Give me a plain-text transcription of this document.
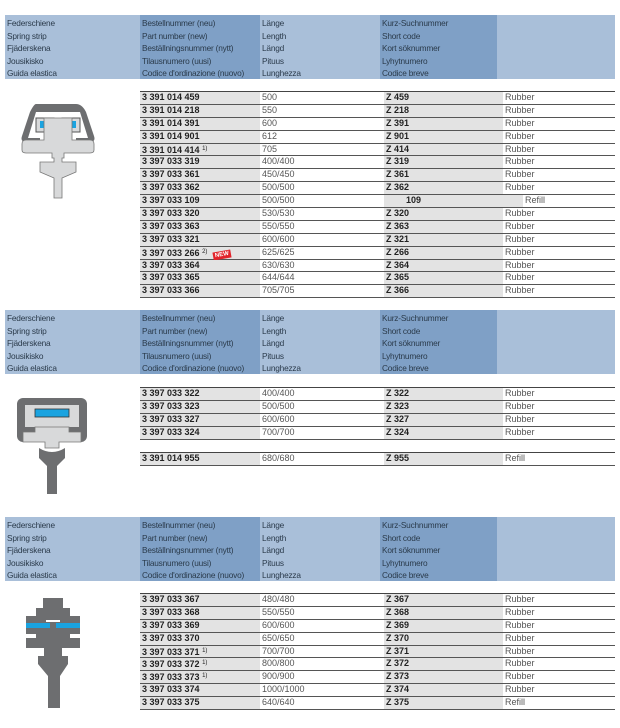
Federschiene
Spring strip
Fjäderskena
Jousikisko
Guida elastica
Bestellnummer (neu)
Part number (new)
Beställningsnummer (nytt)
Tilausnumero (uusi)
Codice d'ordinazione (nuovo)
Länge
Length
Längd
Pituus
Lunghezza
Kurz-Suchnummer
Short code
Kort söknummer
Lyhytnumero
Codice breve
Federschiene
Spring strip
Fjäderskena
Jousikisko
Guida elastica
Bestellnummer (neu)
Part number (new)
Beställningsnummer (nytt)
Tilausnumero (uusi)
Codice d'ordinazione (nuovo)
Länge
Length
Längd
Pituus
Lunghezza
Kurz-Suchnummer
Short code
Kort söknummer
Lyhytnumero
Codice breve
Federschiene
Spring strip
Fjäderskena
Jousikisko
Guida elastica
Bestellnummer (neu)
Part number (new)
Beställningsnummer (nytt)
Tilausnumero (uusi)
Codice d'ordinazione (nuovo)
Länge
Length
Längd
Pituus
Lunghezza
Kurz-Suchnummer
Short code
Kort söknummer
Lyhytnumero
Codice breve
3 391 014 459	500	Z 459	Rubber
3 391 014 218	550	Z 218	Rubber
3 391 014 391	600	Z 391	Rubber
3 391 014 901	612	Z 901	Rubber
3 391 014 414 $^{1)}$	705	Z 414	Rubber
3 397 033 319	400/400	Z 319	Rubber
3 397 033 361	450/450	Z 361	Rubber
3 397 033 362	500/500	Z 362	Rubber
3 397 033 109	500/500	109	Refill
3 397 033 320	530/530	Z 320	Rubber
3 397 033 363	550/550	Z 363	Rubber
3 397 033 321	600/600	Z 321	Rubber
3 397 033 266 $^{2)}$ NEW	625/625	Z 266	Rubber
3 397 033 364	630/630	Z 364	Rubber
3 397 033 365	644/644	Z 365	Rubber
3 397 033 366	705/705	Z 366	Rubber
3 397 033 322	400/400	Z 322	Rubber
3 397 033 323	500/500	Z 323	Rubber
3 397 033 327	600/600	Z 327	Rubber
3 397 033 324	700/700	Z 324	Rubber
3 391 014 955	680/680	Z 955	Refill
3 397 033 367	480/480	Z 367	Rubber
3 397 033 368	550/550	Z 368	Rubber
3 397 033 369	600/600	Z 369	Rubber
3 397 033 370	650/650	Z 370	Rubber
3 397 033 371 $^{1)}$	700/700	Z 371	Rubber
3 397 033 372 $^{1)}$	800/800	Z 372	Rubber
3 397 033 373 $^{1)}$	900/900	Z 373	Rubber
3 397 033 374	1000/1000	Z 374	Rubber
3 397 033 375	640/640	Z 375	Refill
